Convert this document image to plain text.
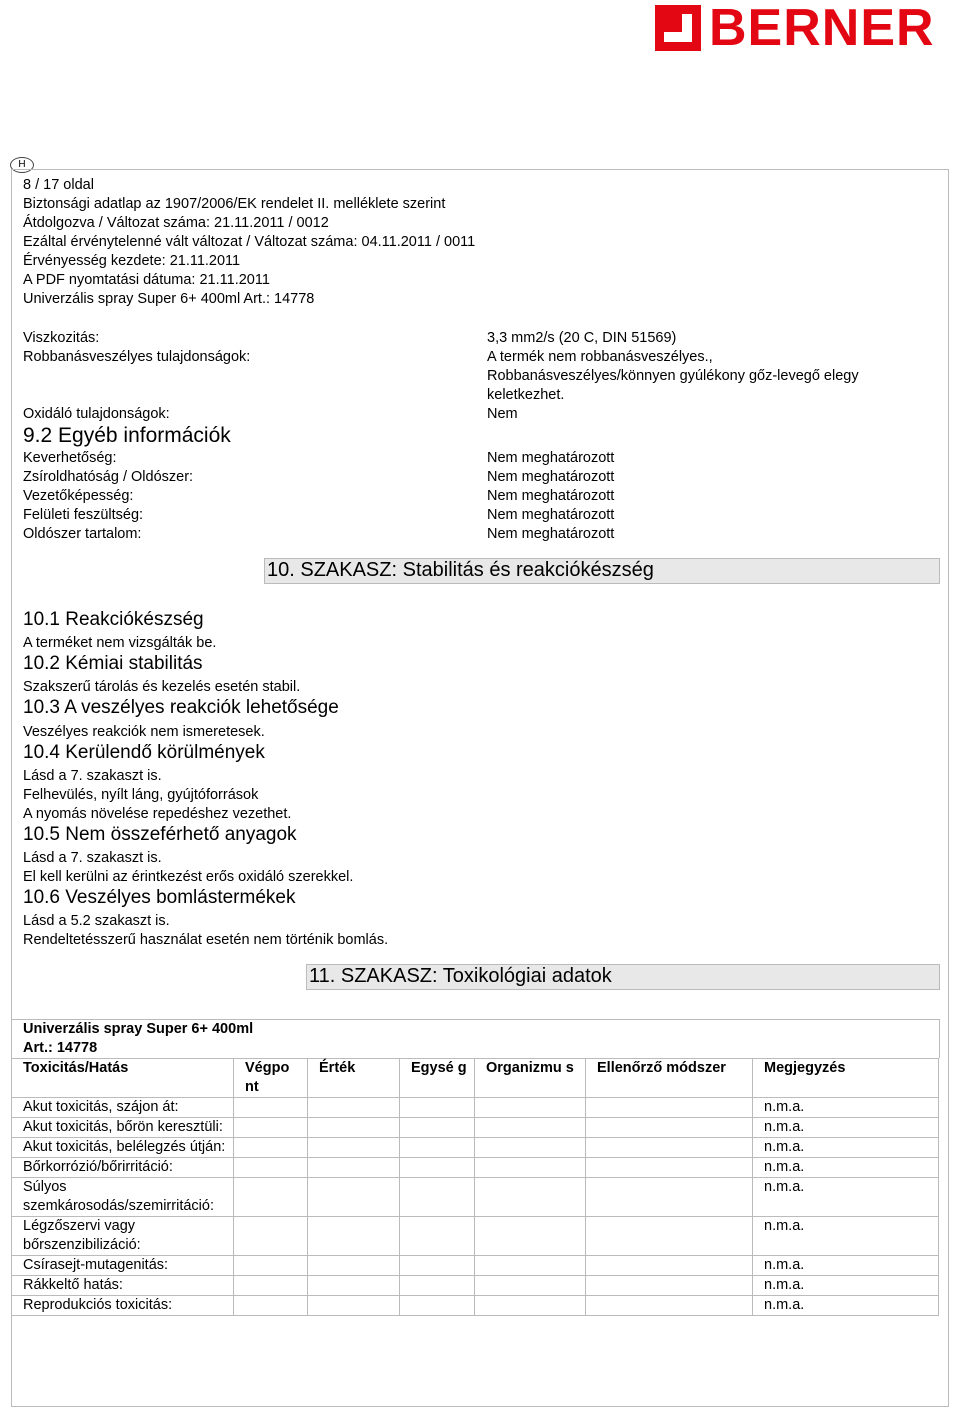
BERNER
H
8 / 17 oldal
Biztonsági adatlap az 1907/2006/EK rendelet II. melléklete szerint
Átdolgozva / Változat száma: 21.11.2011 / 0012
Ezáltal érvénytelenné vált változat / Változat száma: 04.11.2011 / 0011
Érvényesség kezdete: 21.11.2011
A PDF nyomtatási dátuma: 21.11.2011
Univerzális spray Super 6+ 400ml Art.: 14778
Viszkozitás:	3,3 mm2/s (20 C, DIN 51569)
Robbanásveszélyes tulajdonságok:	A termék nem robbanásveszélyes.,
Robbanásveszélyes/könnyen gyúlékony gőz-levegő elegy
keletkezhet.
Oxidáló tulajdonságok:	Nem
9.2 Egyéb információk
Keverhetőség:	Nem meghatározott
Zsíroldhatóság / Oldószer:	Nem meghatározott
Vezetőképesség:	Nem meghatározott
Felületi feszültség:	Nem meghatározott
Oldószer tartalom:	Nem meghatározott
10. SZAKASZ: Stabilitás és reakciókészség
10.1 Reakciókészség
A terméket nem vizsgálták be.
10.2 Kémiai stabilitás
Szakszerű tárolás és kezelés esetén stabil.
10.3 A veszélyes reakciók lehetősége
Veszélyes reakciók nem ismeretesek.
10.4 Kerülendő körülmények
Lásd a 7. szakaszt is.
Felhevülés, nyílt láng, gyújtóforrások
A nyomás növelése repedéshez vezethet.
10.5 Nem összeférhető anyagok
Lásd a 7. szakaszt is.
El kell kerülni az érintkezést erős oxidáló szerekkel.
10.6 Veszélyes bomlástermékek
Lásd a 5.2 szakaszt is.
Rendeltetésszerű használat esetén nem történik bomlás.
11. SZAKASZ: Toxikológiai adatok
Univerzális spray Super 6+ 400ml
Art.: 14778
Toxicitás/Hatás	Végpo nt	Érték	Egysé g	Organizmu s	Ellenőrző módszer	Megjegyzés
Akut toxicitás, szájon át:						n.m.a.
Akut toxicitás, bőrön keresztüli:						n.m.a.
Akut toxicitás, belélegzés útján:						n.m.a.
Bőrkorrózió/bőrirritáció:						n.m.a.
Súlyos szemkárosodás/szemirritáció:						n.m.a.
Légzőszervi vagy bőrszenzibilizáció:						n.m.a.
Csírasejt-mutagenitás:						n.m.a.
Rákkeltő hatás:						n.m.a.
Reprodukciós toxicitás:						n.m.a.
